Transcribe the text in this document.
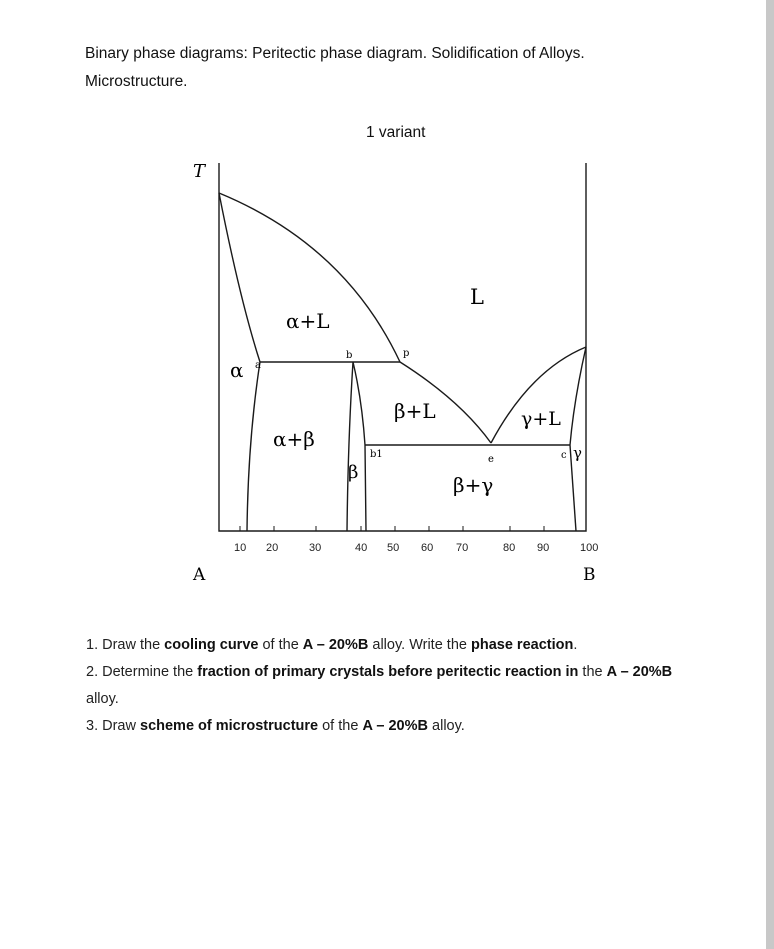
Binary phase diagrams: Peritectic phase diagram. Solidification of Alloys.
Microstructure.
1 variant
T
A	B
L
α+L
α
α+β
β+L	γ+L
γ
β
β+γ
a
b	p
b1	e	c
10 20	30	40 50 60 70	80 90	100

1. Draw the cooling curve of the A – 20%B alloy. Write the phase reaction.

2. Determine the fraction of primary crystals before peritectic reaction in the A – 20%B
alloy.

3. Draw scheme of microstructure of the A – 20%B alloy.
